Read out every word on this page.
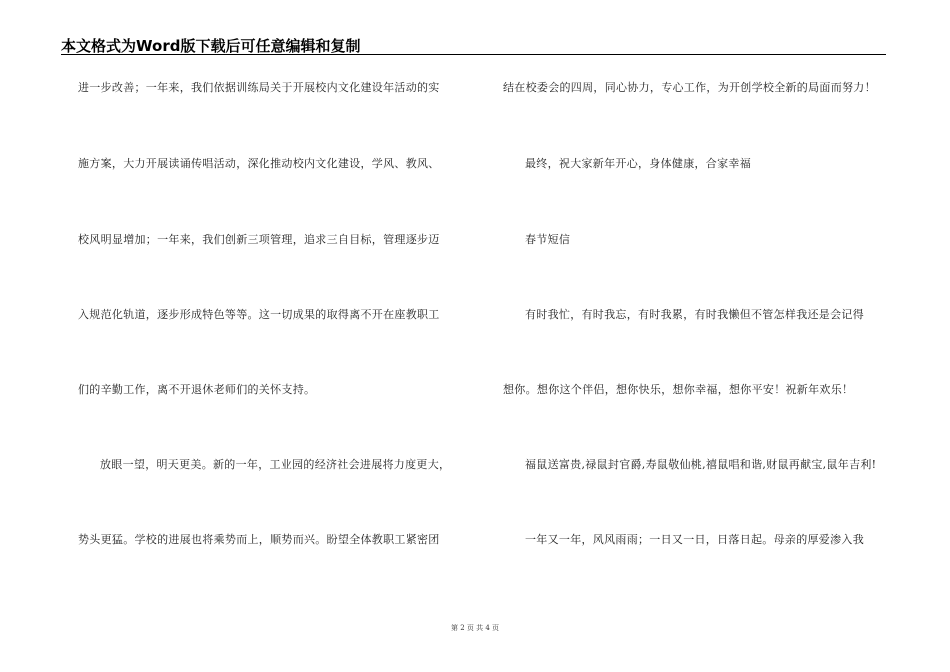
本文格式为Word版下载后可任意编辑和复制
进一步改善；一年来，我们依据训练局关于开展校内文化建设年活动的实
施方案，大力开展读诵传唱活动，深化推动校内文化建设，学风、教风、
校风明显增加；一年来，我们创新三项管理，追求三自目标，管理逐步迈
入规范化轨道，逐步形成特色等等。这一切成果的取得离不开在座教职工
们的辛勤工作，离不开退休老师们的关怀支持。
放眼一望，明天更美。新的一年，工业园的经济社会进展将力度更大，
势头更猛。学校的进展也将乘势而上，顺势而兴。盼望全体教职工紧密团
结在校委会的四周，同心协力，专心工作，为开创学校全新的局面而努力！
最终，祝大家新年开心，身体健康，合家幸福
春节短信
有时我忙，有时我忘，有时我累，有时我懒但不管怎样我还是会记得
想你。想你这个伴侣，想你快乐，想你幸福，想你平安！祝新年欢乐！
福鼠送富贵,禄鼠封官爵,寿鼠敬仙桃,禧鼠唱和谐,财鼠再献宝,鼠年吉利!
一年又一年，风风雨雨；一日又一日，日落日起。母亲的厚爱渗入我
第 2 页 共 4 页
